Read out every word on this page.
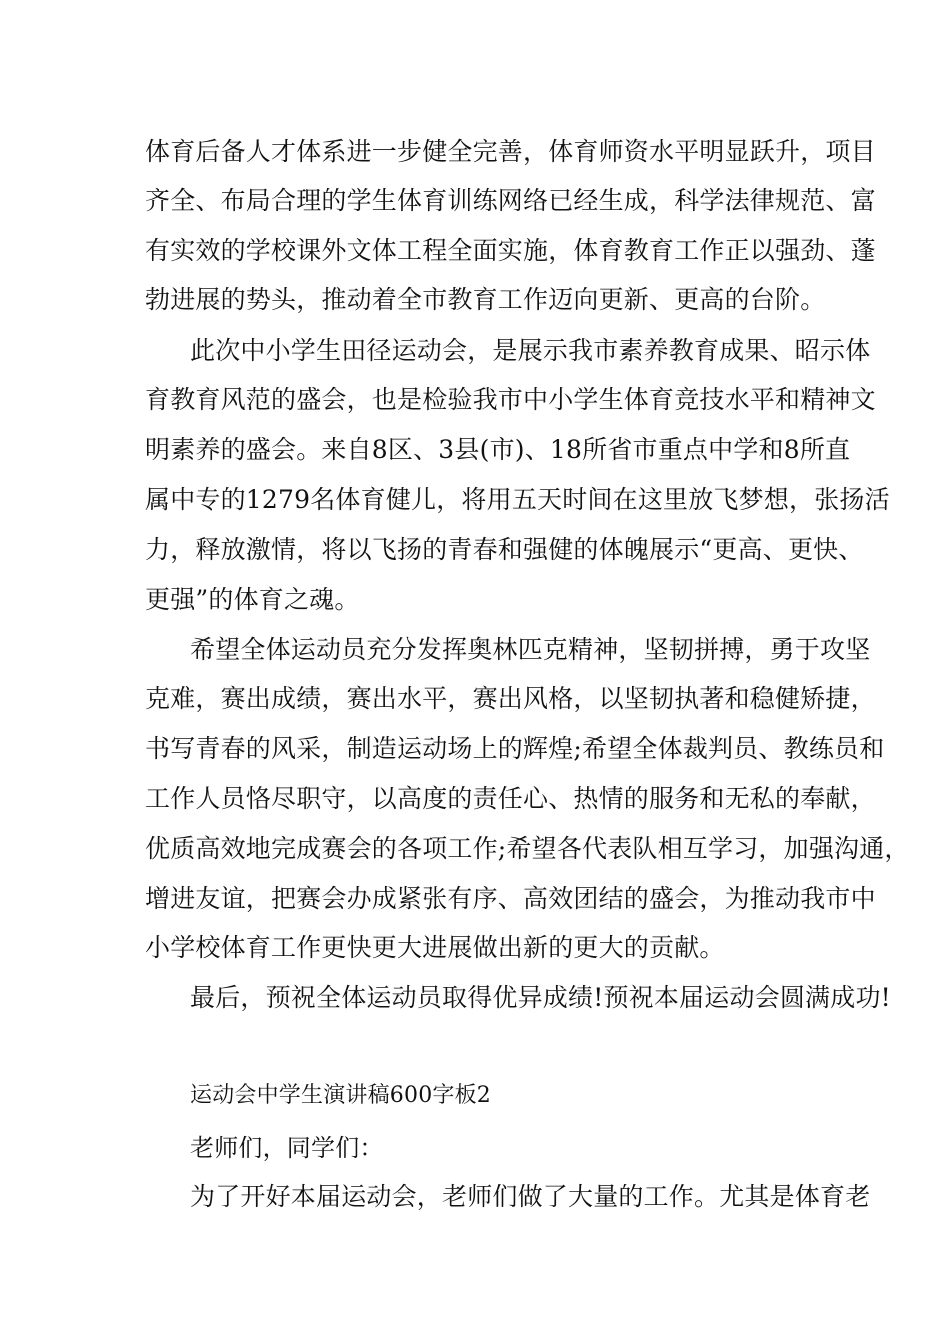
体育后备人才体系进一步健全完善，体育师资水平明显跃升，项目

齐全、布局合理的学生体育训练网络已经生成，科学法律规范、富

有实效的学校课外文体工程全面实施，体育教育工作正以强劲、蓬

勃进展的势头，推动着全市教育工作迈向更新、更高的台阶。

此次中小学生田径运动会，是展示我市素养教育成果、昭示体

育教育风范的盛会，也是检验我市中小学生体育竞技水平和精神文

明素养的盛会。来自8区、3县(市)、18所省市重点中学和8所直

属中专的1279名体育健儿，将用五天时间在这里放飞梦想，张扬活

力，释放激情，将以飞扬的青春和强健的体魄展示“更高、更快、

更强”的体育之魂。

希望全体运动员充分发挥奥林匹克精神，坚韧拼搏，勇于攻坚

克难，赛出成绩，赛出水平，赛出风格，以坚韧执著和稳健矫捷，

书写青春的风采，制造运动场上的辉煌;希望全体裁判员、教练员和

工作人员恪尽职守，以高度的责任心、热情的服务和无私的奉献，

优质高效地完成赛会的各项工作;希望各代表队相互学习，加强沟通，

增进友谊，把赛会办成紧张有序、高效团结的盛会，为推动我市中

小学校体育工作更快更大进展做出新的更大的贡献。

最后，预祝全体运动员取得优异成绩!预祝本届运动会圆满成功!

运动会中学生演讲稿600字板2

老师们，同学们：

为了开好本届运动会，老师们做了大量的工作。尤其是体育老
